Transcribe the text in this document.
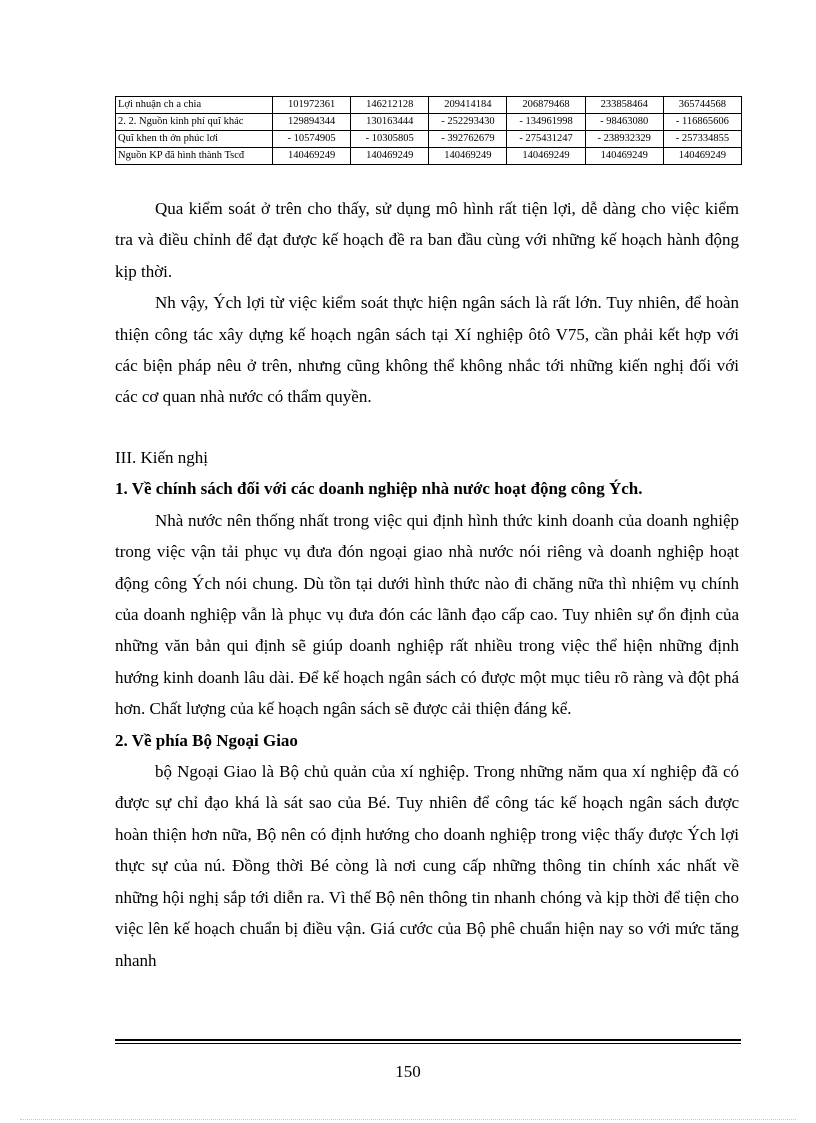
Lợi nhuận ch a chia	101972361	146212128	209414184	206879468	233858464	365744568
2. 2. Nguồn kinh phí quĩ khác	129894344	130163444	- 252293430	- 134961998	- 98463080	- 116865606
Quĩ khen th ởn phúc lơi	- 10574905	- 10305805	- 392762679	- 275431247	- 238932329	- 257334855
Nguồn KP đã hình thành Tscđ	140469249	140469249	140469249	140469249	140469249	140469249

Qua kiểm soát ở trên cho thấy, sử dụng mô hình rất tiện lợi, dễ dàng cho việc kiểm tra và điều chỉnh để đạt được kế hoạch đề ra ban đầu cùng với những kế hoạch hành động kịp thời.

Nh vậy, Ých lợi từ việc kiểm soát thực hiện ngân sách là rất lớn. Tuy nhiên, để hoàn thiện công tác xây dựng kế hoạch ngân sách tại Xí nghiệp ôtô V75, cần phải kết hợp với các biện pháp nêu ở trên, nhưng cũng không thể không nhắc tới những kiến nghị đối với các cơ quan nhà nước có thẩm quyền.

III. Kiến nghị

1. Về chính sách đối với các doanh nghiệp nhà nước hoạt động công Ých.

Nhà nước nên thống nhất trong việc qui định hình thức kinh doanh của doanh nghiệp trong việc vận tải phục vụ đưa đón ngoại giao nhà nước nói riêng và doanh nghiệp hoạt động công Ých nói chung. Dù tồn tại dưới hình thức nào đi chăng nữa thì nhiệm vụ chính của doanh nghiệp vẫn là phục vụ đưa đón các lãnh đạo cấp cao. Tuy nhiên sự ổn định của những văn bản qui định sẽ giúp doanh nghiệp rất nhiều trong việc thể hiện những định hướng kinh doanh lâu dài. Để kế hoạch ngân sách có được một mục tiêu rõ ràng và đột phá hơn. Chất lượng của kế hoạch ngân sách sẽ được cải thiện đáng kể.

2. Về phía Bộ Ngoại Giao

bộ Ngoại Giao là Bộ chủ quản của xí nghiệp. Trong những năm qua xí nghiệp đã có được sự chỉ đạo khá là sát sao của Bé. Tuy nhiên để công tác kế hoạch ngân sách được hoàn thiện hơn nữa, Bộ nên có định hướng cho doanh nghiệp trong việc thấy được Ých lợi thực sự của nú. Đồng thời Bé còng là nơi cung cấp những thông tin chính xác nhất về những hội nghị sắp tới diễn ra. Vì thế Bộ nên thông tin nhanh chóng và kịp thời để tiện cho việc lên kế hoạch chuẩn bị điều vận. Giá cước của Bộ phê chuẩn hiện nay so với mức tăng nhanh

150
